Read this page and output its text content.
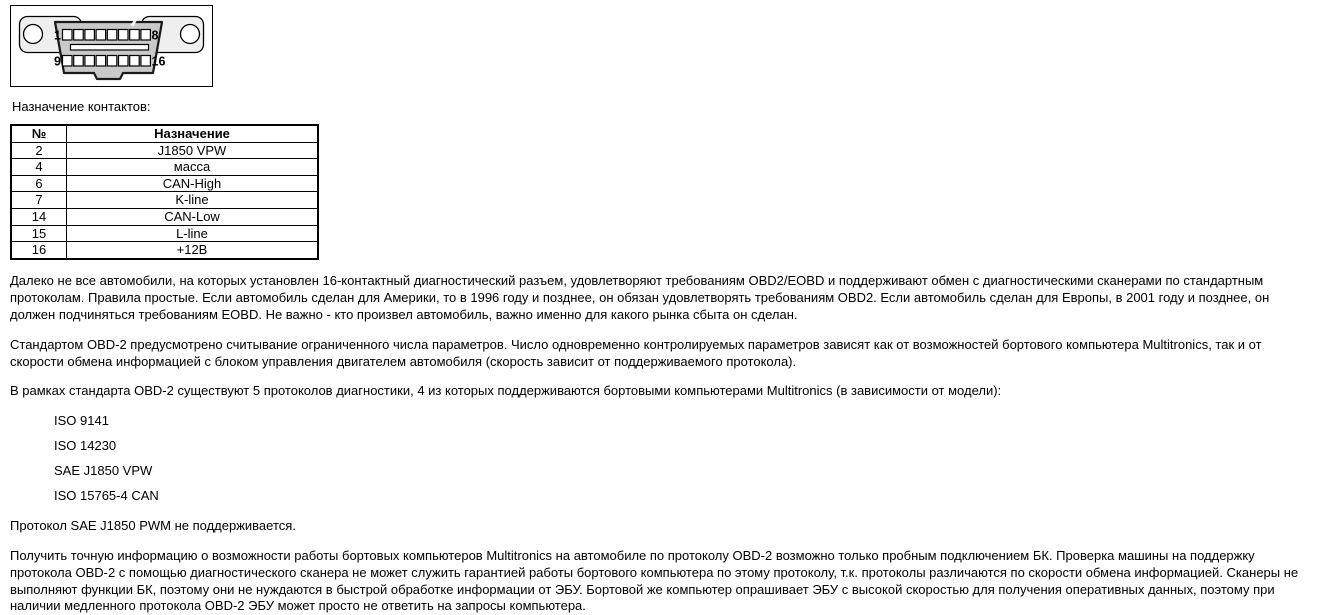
1	8
9	16

Назначение контактов:

№	Назначение
2	J1850 VPW
4	масса
6	CAN-High
7	K-line
14	CAN-Low
15	L-line
16	+12В

Далеко не все автомобили, на которых установлен 16-контактный диагностический разъем, удовлетворяют требованиям OBD2/EOBD и поддерживают обмен с диагностическими сканерами по стандартным протоколам. Правила простые. Если автомобиль сделан для Америки, то в 1996 году и позднее, он обязан удовлетворять требованиям OBD2. Если автомобиль сделан для Европы, в 2001 году и позднее, он должен подчиняться требованиям EOBD. Не важно - кто произвел автомобиль, важно именно для какого рынка сбыта он сделан.

Стандартом OBD-2 предусмотрено считывание ограниченного числа параметров. Число одновременно контролируемых параметров зависят как от возможностей бортового компьютера Multitronics, так и от скорости обмена информацией с блоком управления двигателем автомобиля (скорость зависит от поддерживаемого протокола).

В рамках стандарта OBD-2 существуют 5 протоколов диагностики, 4 из которых поддерживаются бортовыми компьютерами Multitronics (в зависимости от модели):

ISO 9141

ISO 14230

SAE J1850 VPW

ISO 15765-4 CAN

Протокол SAE J1850 PWM не поддерживается.

Получить точную информацию о возможности работы бортовых компьютеров Multitronics на автомобиле по протоколу OBD-2 возможно только пробным подключением БК. Проверка машины на поддержку протокола OBD-2 с помощью диагностического сканера не может служить гарантией работы бортового компьютера по этому протоколу, т.к. протоколы различаются по скорости обмена информацией. Сканеры не выполняют функции БК, поэтому они не нуждаются в быстрой обработке информации от ЭБУ. Бортовой же компьютер опрашивает ЭБУ с высокой скоростью для получения оперативных данных, поэтому при наличии медленного протокола OBD-2 ЭБУ может просто не ответить на запросы компьютера.
